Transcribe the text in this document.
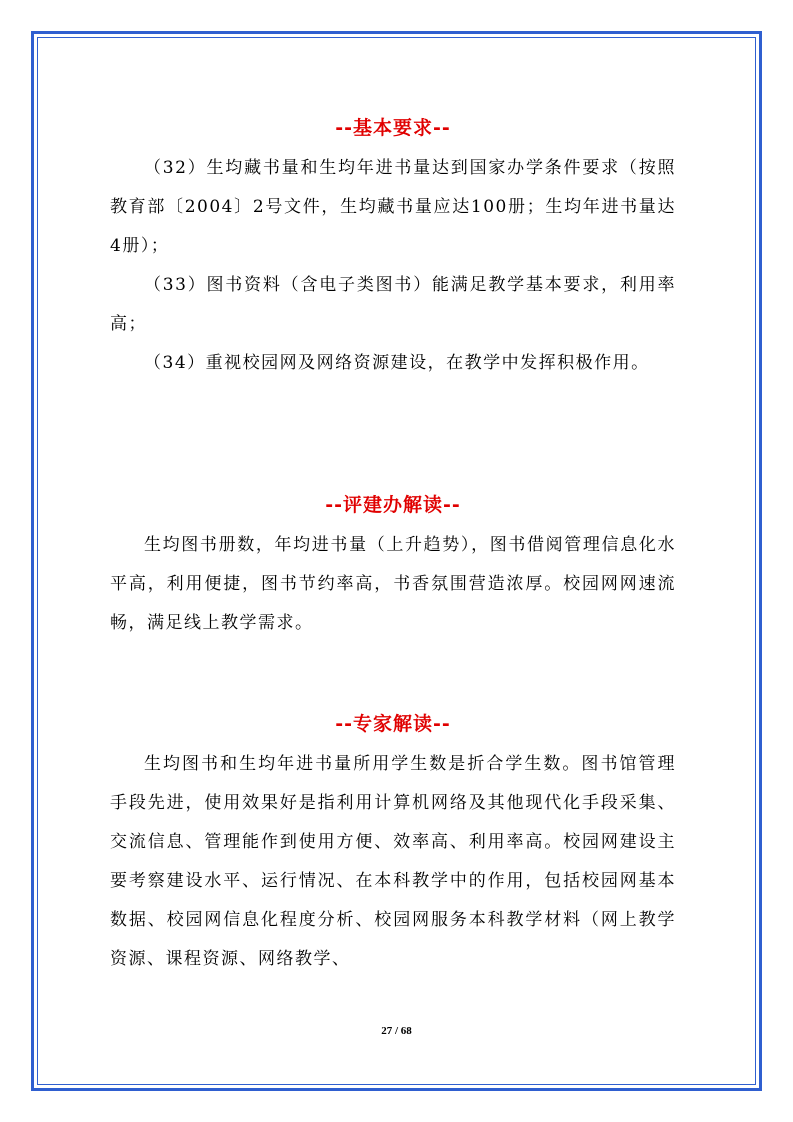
--基本要求--

（32）生均藏书量和生均年进书量达到国家办学条件要求（按照教育部〔2004〕2号文件，生均藏书量应达100册；生均年进书量达4册）；

（33）图书资料（含电子类图书）能满足教学基本要求，利用率高；

（34）重视校园网及网络资源建设，在教学中发挥积极作用。

--评建办解读--

生均图书册数，年均进书量（上升趋势），图书借阅管理信息化水平高，利用便捷，图书节约率高，书香氛围营造浓厚。校园网网速流畅，满足线上教学需求。

--专家解读--

生均图书和生均年进书量所用学生数是折合学生数。图书馆管理手段先进，使用效果好是指利用计算机网络及其他现代化手段采集、交流信息、管理能作到使用方便、效率高、利用率高。校园网建设主要考察建设水平、运行情况、在本科教学中的作用，包括校园网基本数据、校园网信息化程度分析、校园网服务本科教学材料（网上教学资源、课程资源、网络教学、

27 / 68
